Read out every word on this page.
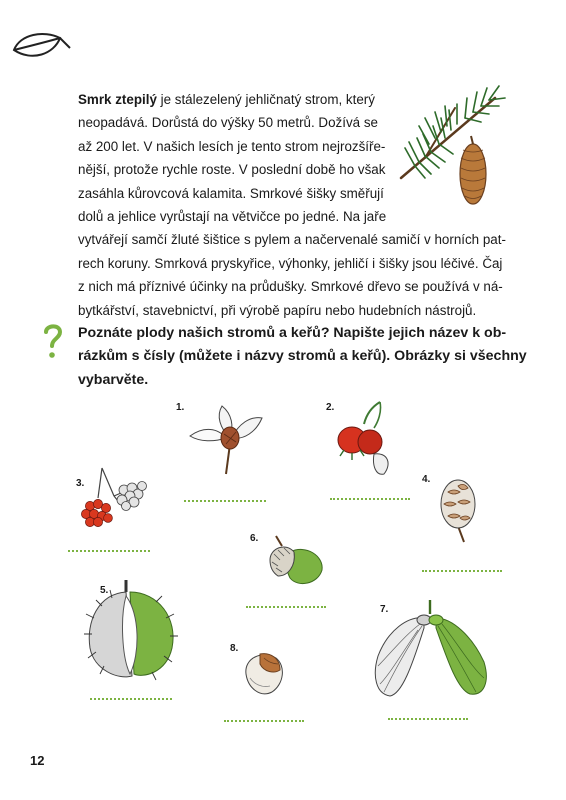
Smrk ztepilý je stálezelený jehličnatý strom, který
neopadává. Dorůstá do výšky 50 metrů. Dožívá se
až 200 let. V našich lesích je tento strom nejrozšíře-
nější, protože rychle roste. V poslední době ho však
zasáhla kůrovcová kalamita. Smrkové šišky směřují
dolů a jehlice vyrůstají na větvičce po jedné. Na jaře
vytvářejí samčí žluté šištice s pylem a načervenalé samičí v horních pat-
rech koruny. Smrková pryskyřice, výhonky, jehličí i šišky jsou léčivé. Čaj
z nich má příznivé účinky na průdušky. Smrkové dřevo se používá v ná-
bytkářství, stavebnictví, při výrobě papíru nebo hudebních nástrojů.
Poznáte plody našich stromů a keřů? Napište jejich název k ob-
rázkům s čísly (můžete i názvy stromů a keřů). Obrázky si všechny
vybarvěte.
1.	2.
3.	4.
6.
5.
8.
7.
12
